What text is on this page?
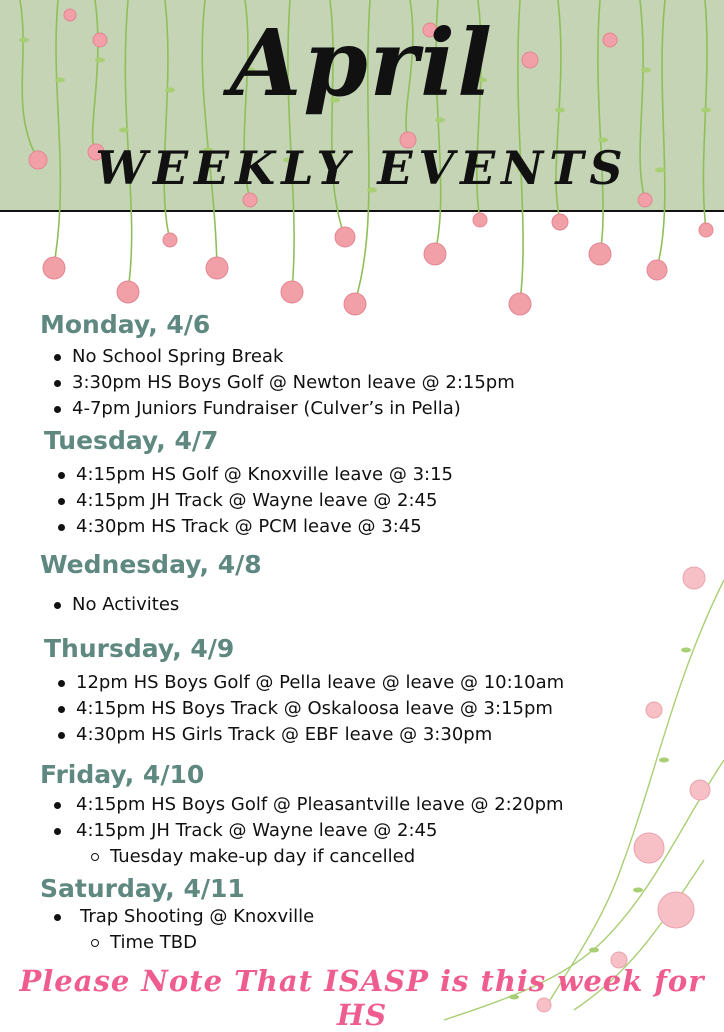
April
WEEKLY EVENTS
Monday, 4/6
No School Spring Break
3:30pm HS Boys Golf @ Newton leave @ 2:15pm
4-7pm Juniors Fundraiser (Culver’s in Pella)
Tuesday, 4/7
4:15pm HS Golf @ Knoxville leave @ 3:15
4:15pm JH Track @ Wayne leave @ 2:45
4:30pm HS Track @ PCM leave @ 3:45
Wednesday, 4/8
No Activites
Thursday, 4/9
12pm HS Boys Golf @ Pella leave @ leave @ 10:10am
4:15pm HS Boys Track @ Oskaloosa leave @ 3:15pm
4:30pm HS Girls Track @ EBF leave @ 3:30pm
Friday, 4/10
4:15pm HS Boys Golf @ Pleasantville leave @ 2:20pm
4:15pm JH Track @ Wayne leave @ 2:45
Tuesday make-up day if cancelled
Saturday, 4/11
Trap Shooting @ Knoxville
Time TBD

Please Note That ISASP is this week for HS
